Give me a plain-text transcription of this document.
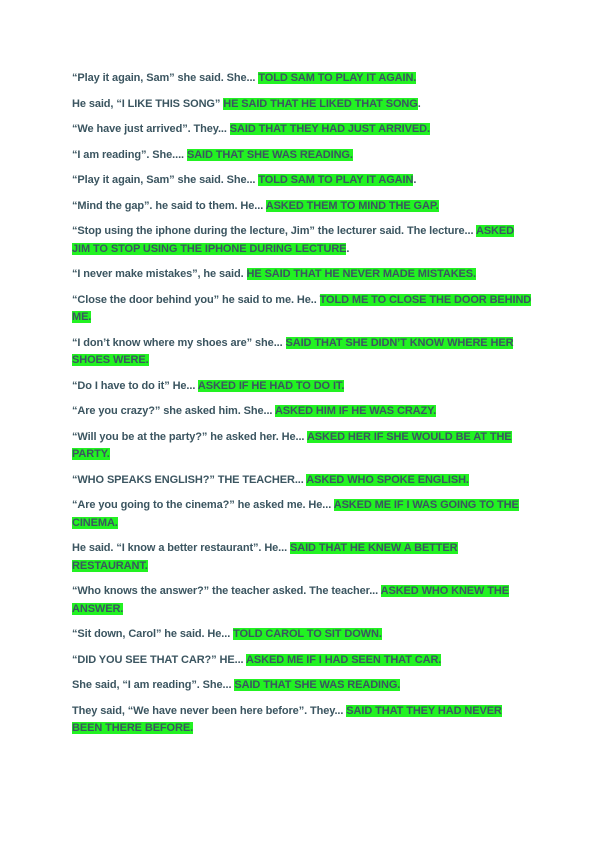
“Play it again, Sam” she said. She... TOLD SAM TO PLAY IT AGAIN.

He said, “I LIKE THIS SONG” HE SAID THAT HE LIKED THAT SONG.

“We have just arrived”. They... SAID THAT THEY HAD JUST ARRIVED.

“I am reading”. She.... SAID THAT SHE WAS READING.

“Play it again, Sam” she said. She... TOLD SAM TO PLAY IT AGAIN.

“Mind the gap”. he said to them. He... ASKED THEM TO MIND THE GAP.

“Stop using the iphone during the lecture, Jim” the lecturer said. The lecture... ASKED JIM TO STOP USING THE IPHONE DURING LECTURE.

“I never make mistakes”, he said. HE SAID THAT HE NEVER MADE MISTAKES.

“Close the door behind you” he said to me. He.. TOLD ME TO CLOSE THE DOOR BEHIND ME.

“I don’t know where my shoes are” she... SAID THAT SHE DIDN’T KNOW WHERE HER SHOES WERE.

“Do I have to do it” He... ASKED IF HE HAD TO DO IT.

“Are you crazy?” she asked him. She... ASKED HIM IF HE WAS CRAZY.

“Will you be at the party?” he asked her. He... ASKED HER IF SHE WOULD BE AT THE PARTY.

“WHO SPEAKS ENGLISH?” THE TEACHER... ASKED WHO SPOKE ENGLISH.

“Are you going to the cinema?” he asked me. He... ASKED ME IF I WAS GOING TO THE CINEMA.

He said. “I know a better restaurant”. He... SAID THAT HE KNEW A BETTER RESTAURANT.

“Who knows the answer?” the teacher asked. The teacher... ASKED WHO KNEW THE ANSWER.

“Sit down, Carol” he said. He... TOLD CAROL TO SIT DOWN.

“DID YOU SEE THAT CAR?” HE... ASKED ME IF I HAD SEEN THAT CAR.

She said, “I am reading”. She... SAID THAT SHE WAS READING.

They said, “We have never been here before”. They... SAID THAT THEY HAD NEVER BEEN THERE BEFORE.
